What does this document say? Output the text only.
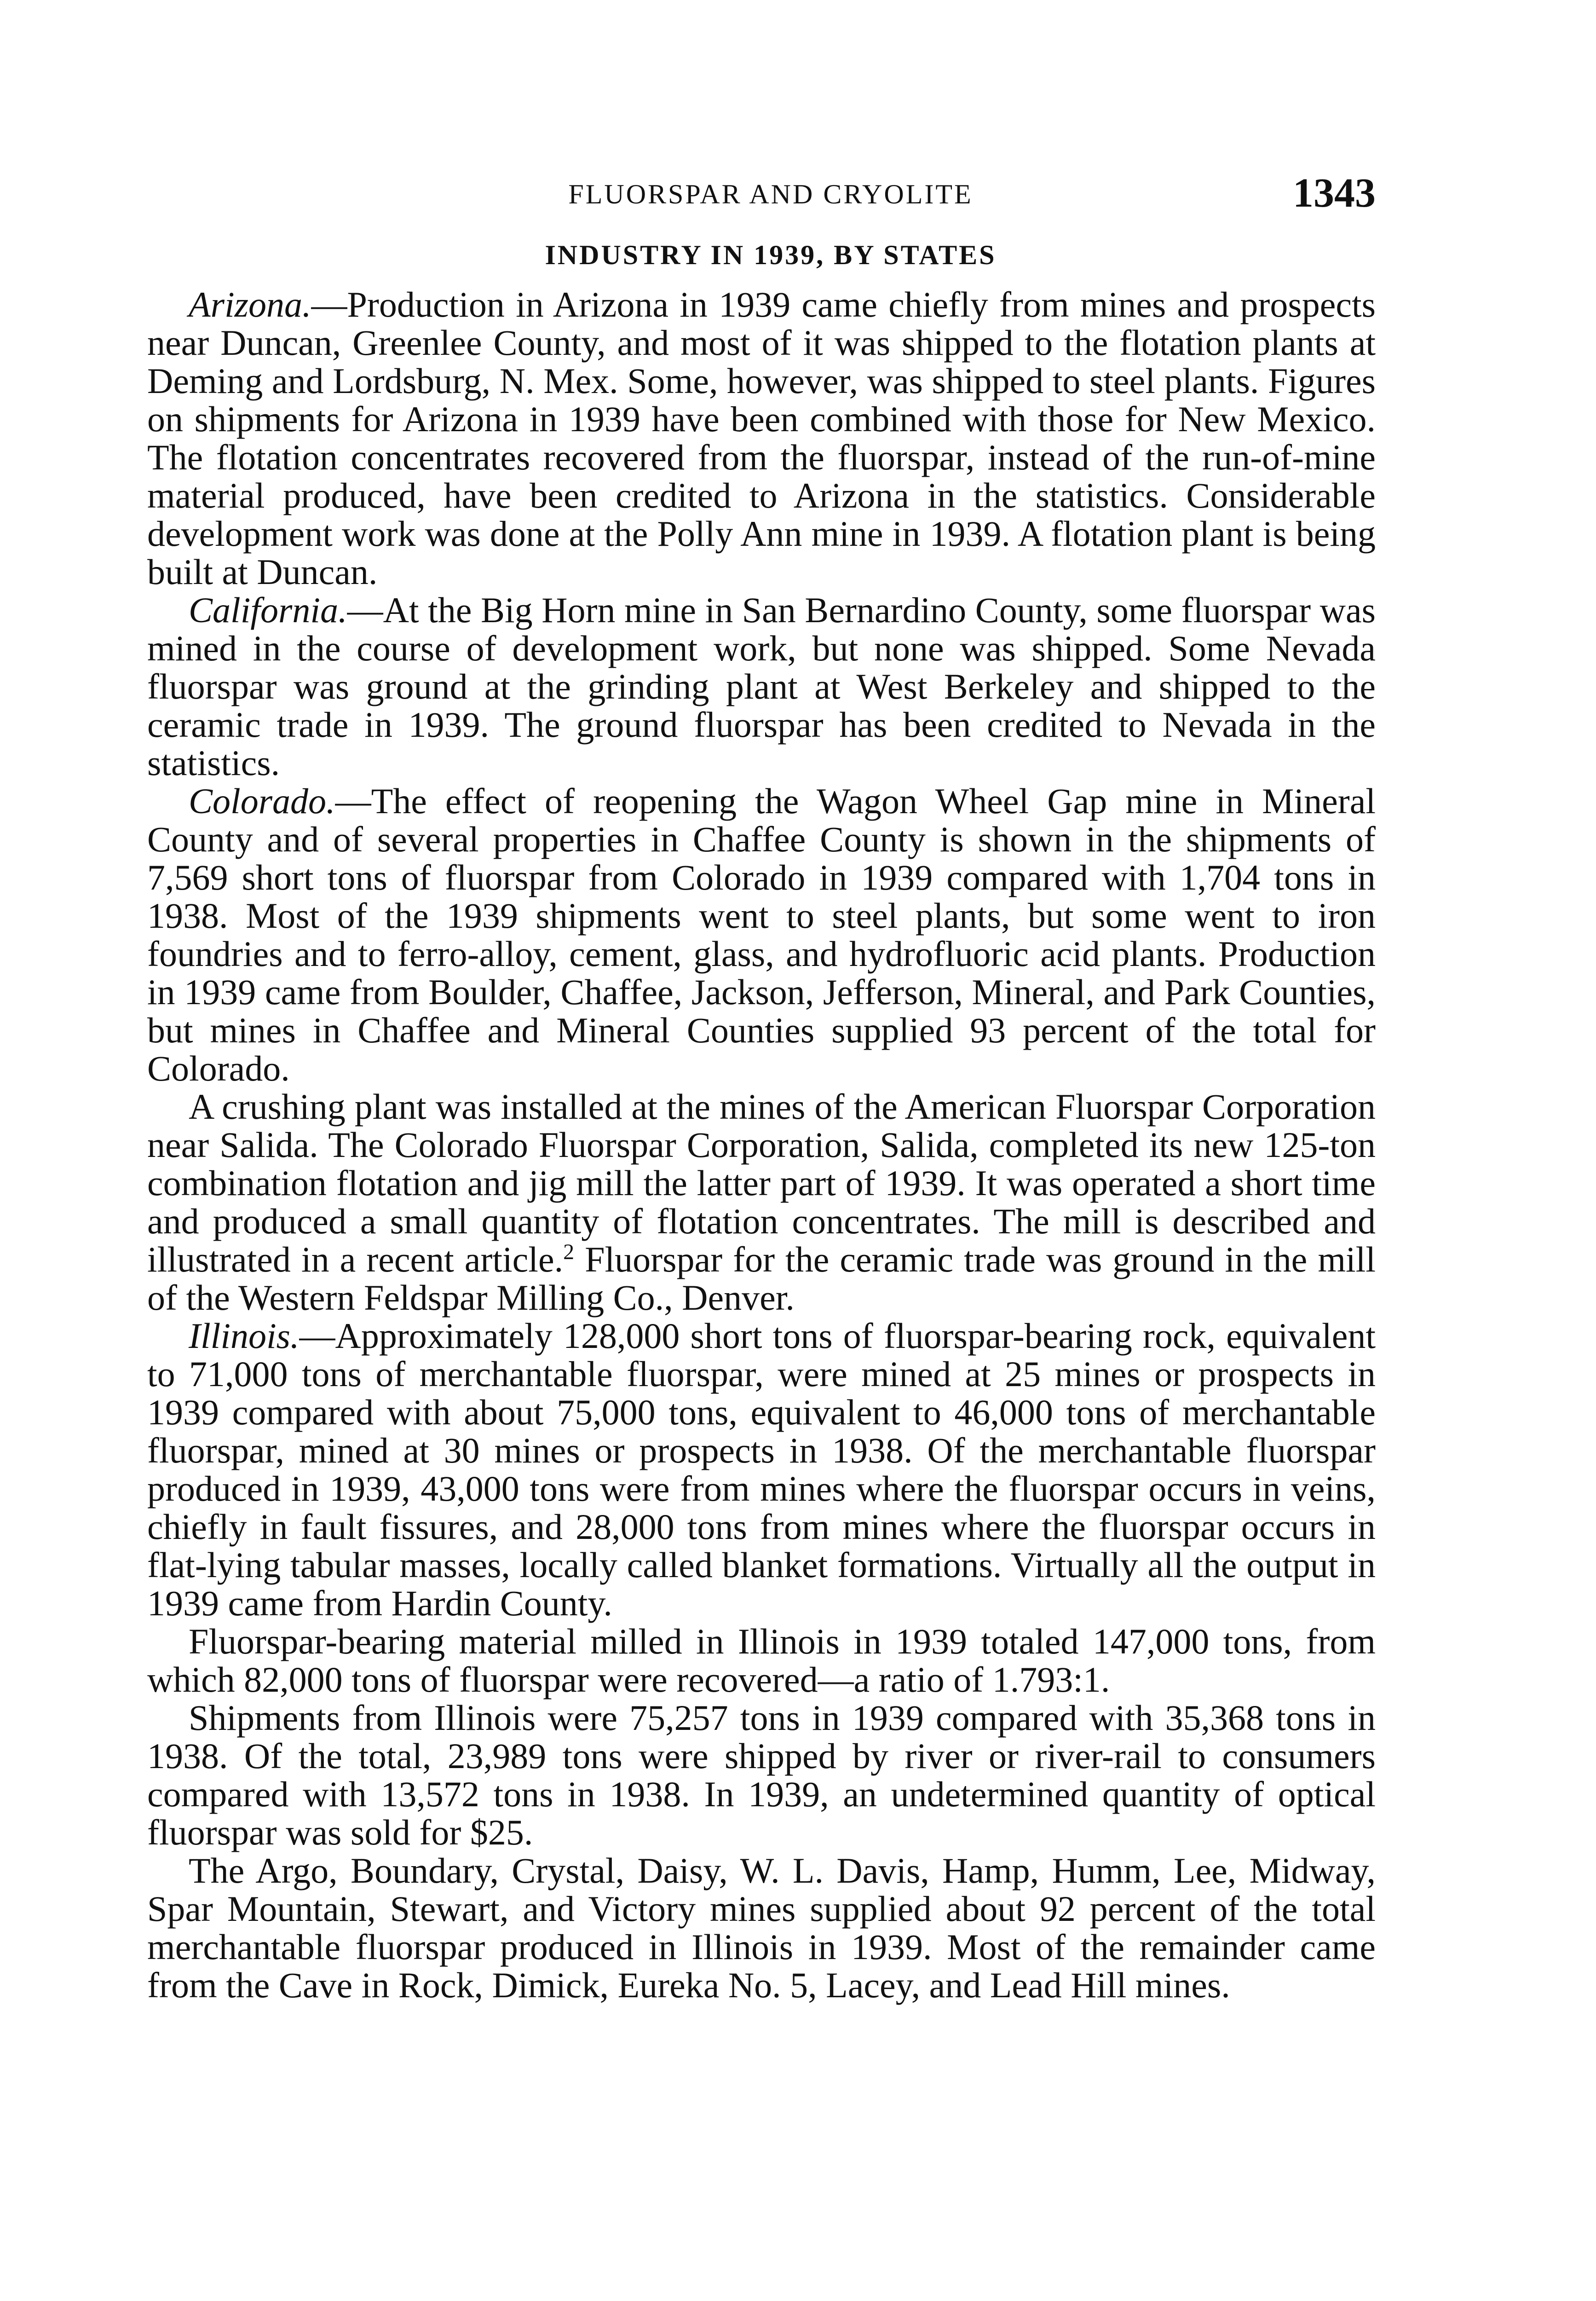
FLUORSPAR AND CRYOLITE	1343
INDUSTRY IN 1939, BY STATES

Arizona.—Production in Arizona in 1939 came chiefly from mines and prospects near Duncan, Greenlee County, and most of it was shipped to the flotation plants at Deming and Lordsburg, N. Mex. Some, however, was shipped to steel plants. Figures on shipments for Arizona in 1939 have been combined with those for New Mexico. The flotation concentrates recovered from the fluorspar, instead of the run-of-mine material produced, have been credited to Arizona in the statistics. Considerable development work was done at the Polly Ann mine in 1939. A flotation plant is being built at Duncan.

California.—At the Big Horn mine in San Bernardino County, some fluorspar was mined in the course of development work, but none was shipped. Some Nevada fluorspar was ground at the grinding plant at West Berkeley and shipped to the ceramic trade in 1939. The ground fluorspar has been credited to Nevada in the statistics.

Colorado.—The effect of reopening the Wagon Wheel Gap mine in Mineral County and of several properties in Chaffee County is shown in the shipments of 7,569 short tons of fluorspar from Colorado in 1939 compared with 1,704 tons in 1938. Most of the 1939 shipments went to steel plants, but some went to iron foundries and to ferro-alloy, cement, glass, and hydrofluoric acid plants. Production in 1939 came from Boulder, Chaffee, Jackson, Jefferson, Mineral, and Park Counties, but mines in Chaffee and Mineral Counties supplied 93 percent of the total for Colorado.

A crushing plant was installed at the mines of the American Fluorspar Corporation near Salida. The Colorado Fluorspar Corporation, Salida, completed its new 125-ton combination flotation and jig mill the latter part of 1939. It was operated a short time and produced a small quantity of flotation concentrates. The mill is described and illustrated in a recent article.$^2$ Fluorspar for the ceramic trade was ground in the mill of the Western Feldspar Milling Co., Denver.

Illinois.—Approximately 128,000 short tons of fluorspar-bearing rock, equivalent to 71,000 tons of merchantable fluorspar, were mined at 25 mines or prospects in 1939 compared with about 75,000 tons, equivalent to 46,000 tons of merchantable fluorspar, mined at 30 mines or prospects in 1938. Of the merchantable fluorspar produced in 1939, 43,000 tons were from mines where the fluorspar occurs in veins, chiefly in fault fissures, and 28,000 tons from mines where the fluorspar occurs in flat-lying tabular masses, locally called blanket formations. Virtually all the output in 1939 came from Hardin County.

Fluorspar-bearing material milled in Illinois in 1939 totaled 147,000 tons, from which 82,000 tons of fluorspar were recovered—a ratio of 1.793:1.

Shipments from Illinois were 75,257 tons in 1939 compared with 35,368 tons in 1938. Of the total, 23,989 tons were shipped by river or river-rail to consumers compared with 13,572 tons in 1938. In 1939, an undetermined quantity of optical fluorspar was sold for $25.

The Argo, Boundary, Crystal, Daisy, W. L. Davis, Hamp, Humm, Lee, Midway, Spar Mountain, Stewart, and Victory mines supplied about 92 percent of the total merchantable fluorspar produced in Illinois in 1939. Most of the remainder came from the Cave in Rock, Dimick, Eureka No. 5, Lacey, and Lead Hill mines.
